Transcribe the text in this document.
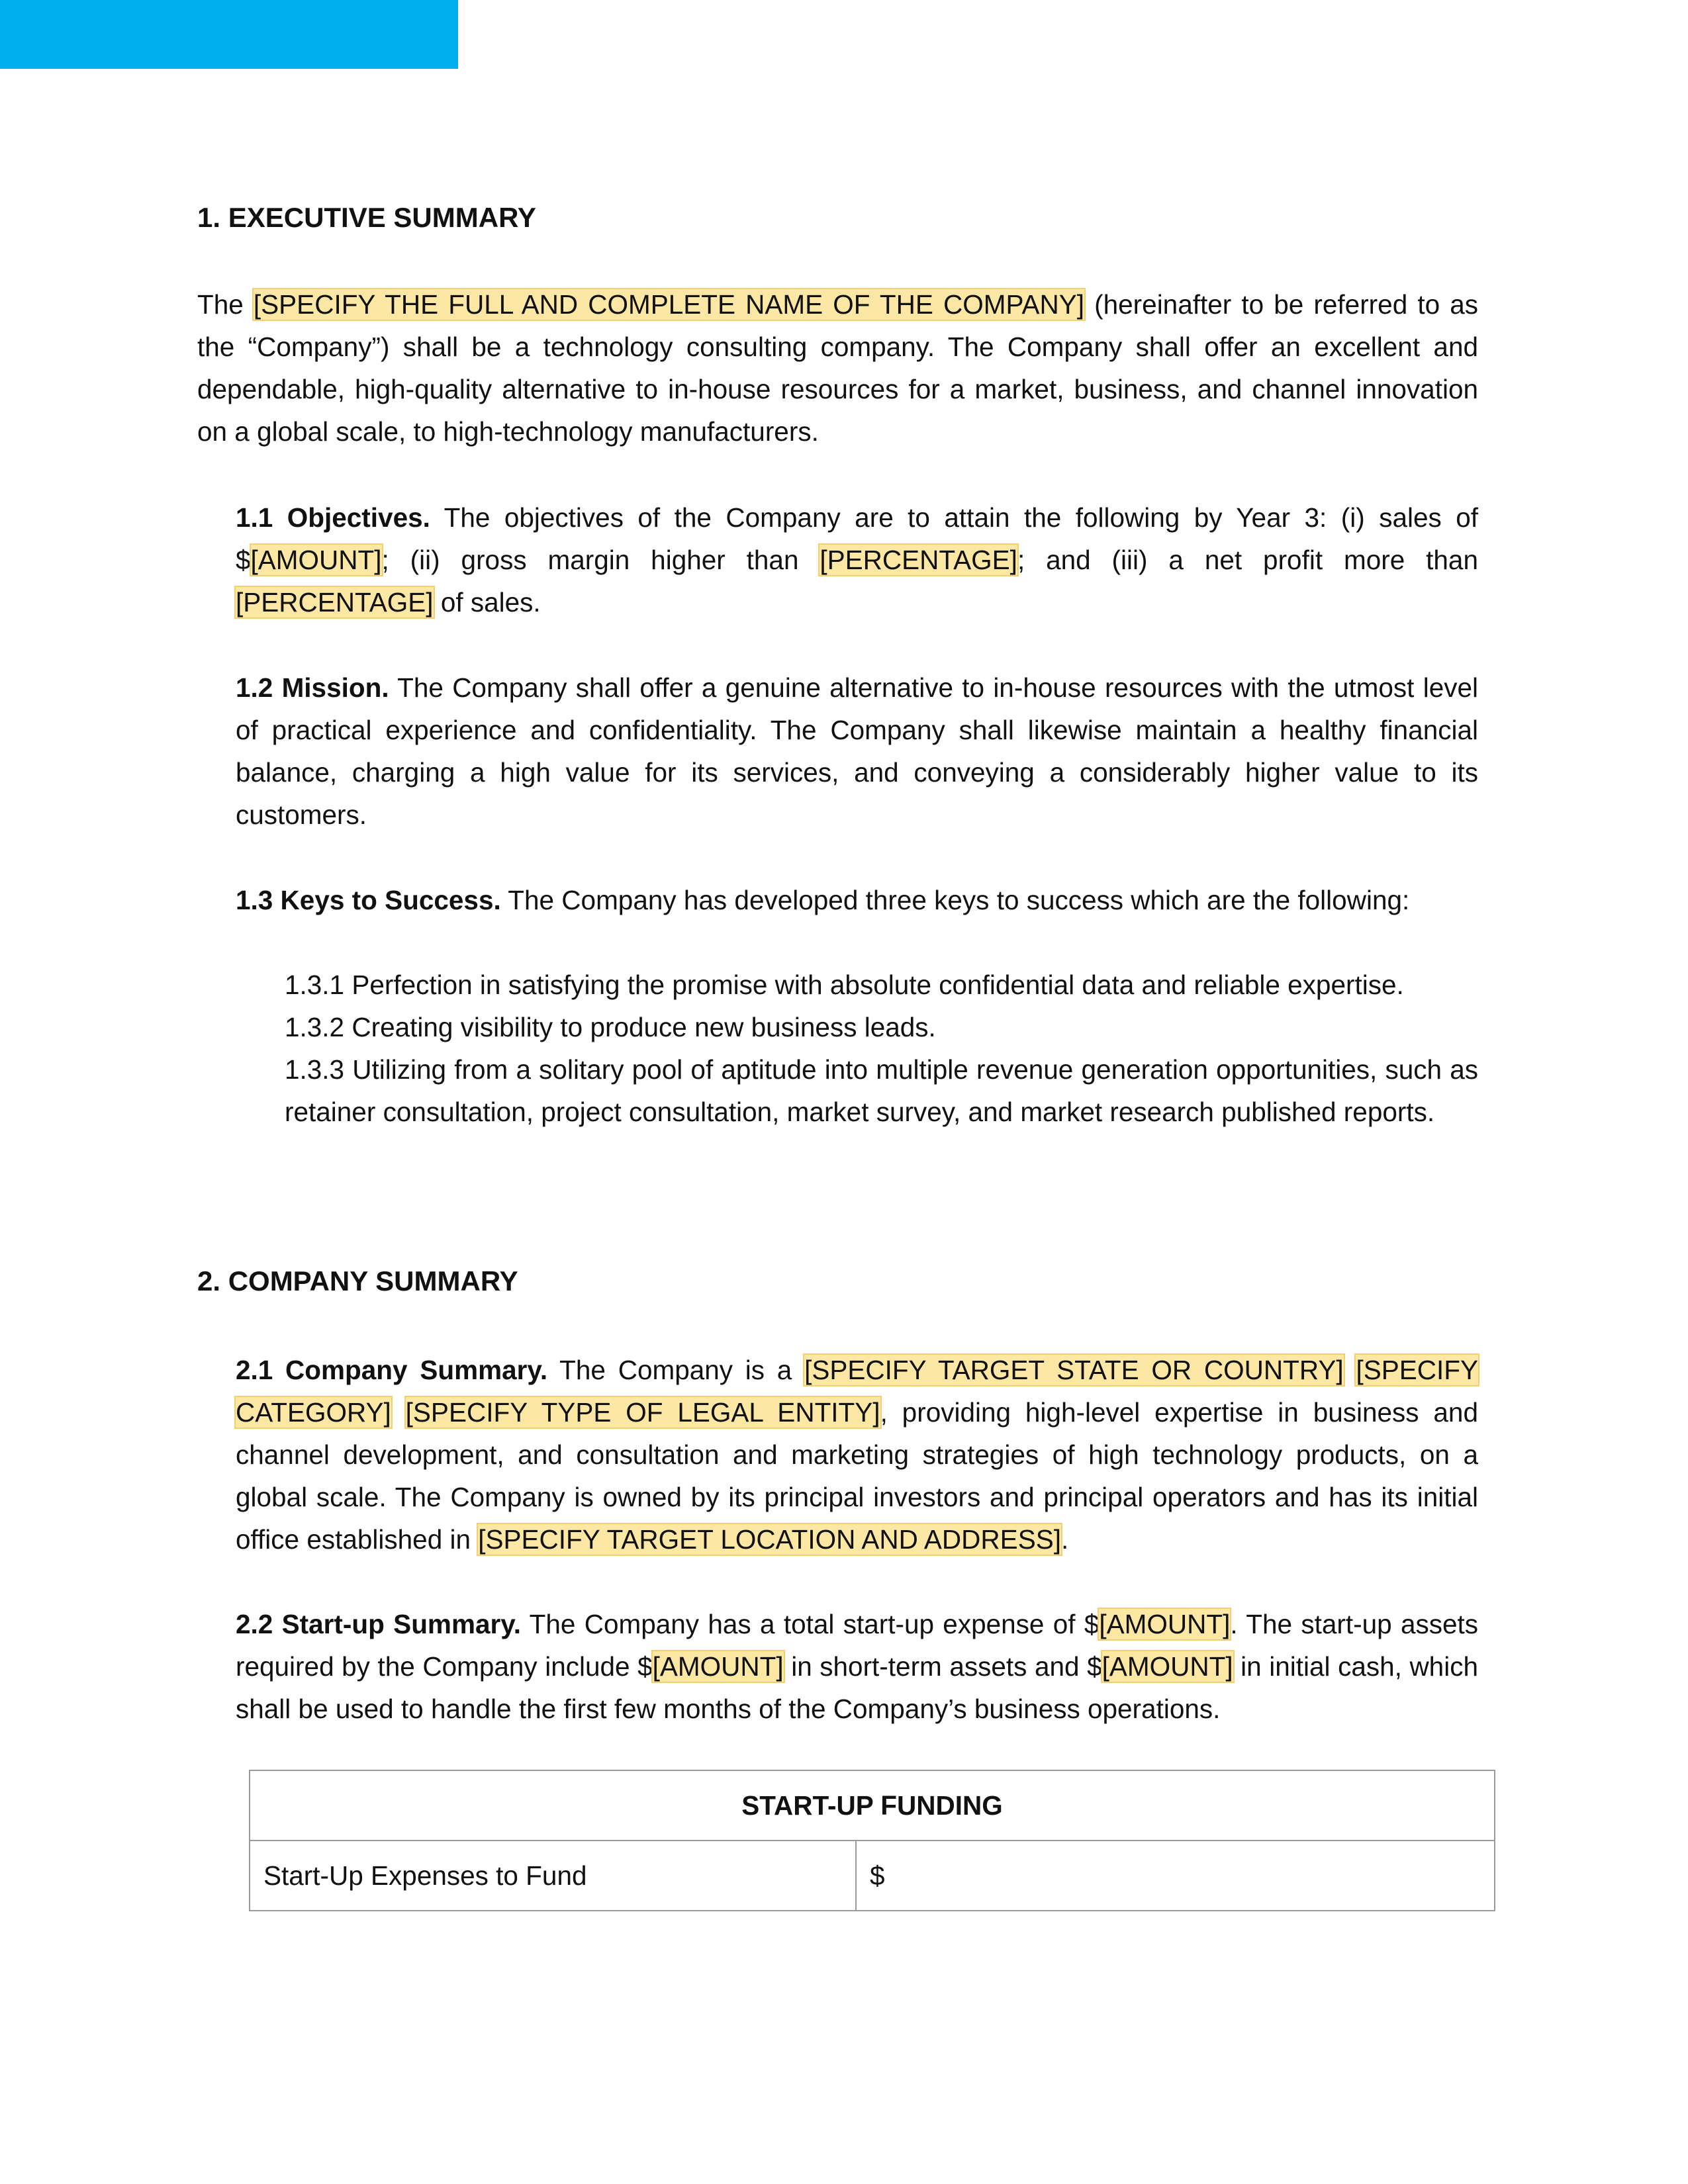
1. EXECUTIVE SUMMARY

The [SPECIFY THE FULL AND COMPLETE NAME OF THE COMPANY] (hereinafter to be referred to as the “Company”) shall be a technology consulting company. The Company shall offer an excellent and dependable, high-quality alternative to in-house resources for a market, business, and channel innovation on a global scale, to high-technology manufacturers.

1.1 Objectives. The objectives of the Company are to attain the following by Year 3: (i) sales of $[AMOUNT]; (ii) gross margin higher than [PERCENTAGE]; and (iii) a net profit more than [PERCENTAGE] of sales.

1.2 Mission. The Company shall offer a genuine alternative to in-house resources with the utmost level of practical experience and confidentiality. The Company shall likewise maintain a healthy financial balance, charging a high value for its services, and conveying a considerably higher value to its customers.

1.3 Keys to Success. The Company has developed three keys to success which are the following:

1.3.1 Perfection in satisfying the promise with absolute confidential data and reliable expertise.

1.3.2 Creating visibility to produce new business leads.

1.3.3 Utilizing from a solitary pool of aptitude into multiple revenue generation opportunities, such as retainer consultation, project consultation, market survey, and market research published reports.

2. COMPANY SUMMARY

2.1 Company Summary. The Company is a [SPECIFY TARGET STATE OR COUNTRY] [SPECIFY CATEGORY] [SPECIFY TYPE OF LEGAL ENTITY], providing high-level expertise in business and channel development, and consultation and marketing strategies of high technology products, on a global scale. The Company is owned by its principal investors and principal operators and has its initial office established in [SPECIFY TARGET LOCATION AND ADDRESS].

2.2 Start-up Summary. The Company has a total start-up expense of $[AMOUNT]. The start-up assets required by the Company include $[AMOUNT] in short-term assets and $[AMOUNT] in initial cash, which shall be used to handle the first few months of the Company’s business operations.

START-UP FUNDING
Start-Up Expenses to Fund	$
